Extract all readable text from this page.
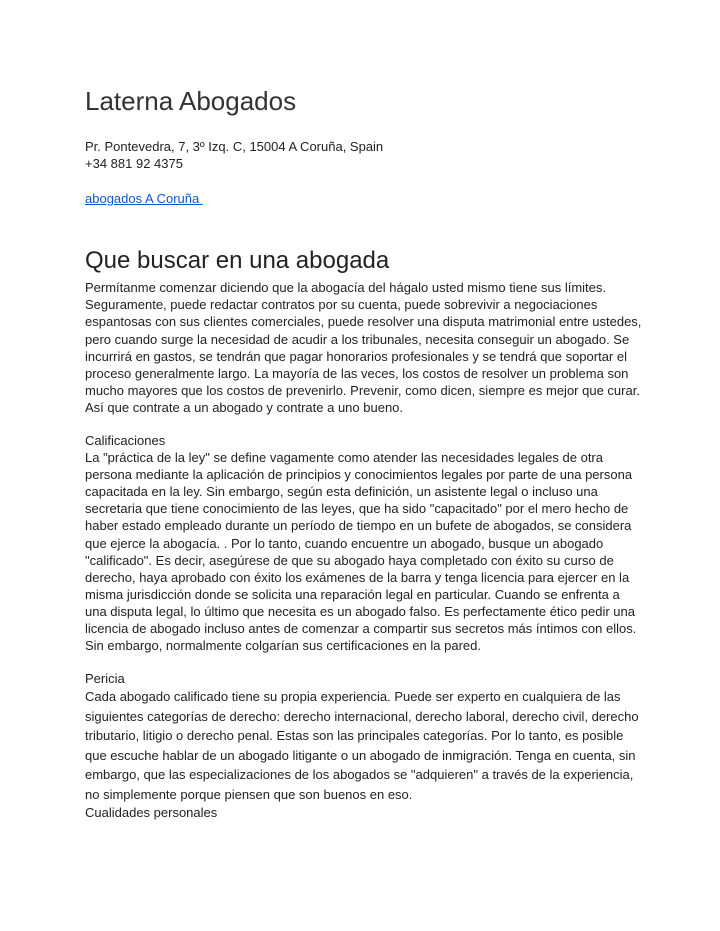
Laterna Abogados
Pr. Pontevedra, 7, 3º Izq. C, 15004 A Coruña, Spain
+34 881 92 4375
abogados A Coruña
Que buscar en una abogada

Permítanme comenzar diciendo que la abogacía del hágalo usted mismo tiene sus límites. Seguramente, puede redactar contratos por su cuenta, puede sobrevivir a negociaciones espantosas con sus clientes comerciales, puede resolver una disputa matrimonial entre ustedes, pero cuando surge la necesidad de acudir a los tribunales, necesita conseguir un abogado. Se incurrirá en gastos, se tendrán que pagar honorarios profesionales y se tendrá que soportar el proceso generalmente largo. La mayoría de las veces, los costos de resolver un problema son mucho mayores que los costos de prevenirlo. Prevenir, como dicen, siempre es mejor que curar. Así que contrate a un abogado y contrate a uno bueno.

Calificaciones

La "práctica de la ley" se define vagamente como atender las necesidades legales de otra persona mediante la aplicación de principios y conocimientos legales por parte de una persona capacitada en la ley. Sin embargo, según esta definición, un asistente legal o incluso una secretaria que tiene conocimiento de las leyes, que ha sido "capacitado" por el mero hecho de haber estado empleado durante un período de tiempo en un bufete de abogados, se considera que ejerce la abogacía. . Por lo tanto, cuando encuentre un abogado, busque un abogado "calificado". Es decir, asegúrese de que su abogado haya completado con éxito su curso de derecho, haya aprobado con éxito los exámenes de la barra y tenga licencia para ejercer en la misma jurisdicción donde se solicita una reparación legal en particular. Cuando se enfrenta a una disputa legal, lo último que necesita es un abogado falso. Es perfectamente ético pedir una licencia de abogado incluso antes de comenzar a compartir sus secretos más íntimos con ellos. Sin embargo, normalmente colgarían sus certificaciones en la pared.

Pericia

Cada abogado calificado tiene su propia experiencia. Puede ser experto en cualquiera de las siguientes categorías de derecho: derecho internacional, derecho laboral, derecho civil, derecho tributario, litigio o derecho penal. Estas son las principales categorías. Por lo tanto, es posible que escuche hablar de un abogado litigante o un abogado de inmigración. Tenga en cuenta, sin embargo, que las especializaciones de los abogados se "adquieren" a través de la experiencia, no simplemente porque piensen que son buenos en eso.

Cualidades personales
